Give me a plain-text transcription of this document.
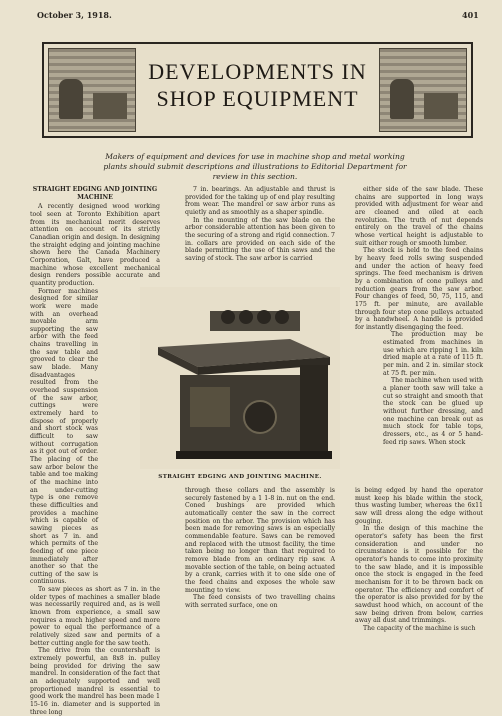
October 3, 1918.	401
DEVELOPMENTS IN
SHOP EQUIPMENT
Makers of equipment and devices for use in machine shop and metal working
plants should submit descriptions and illustrations to Editorial Department for
review in this section.

STRAIGHT EDGING AND JOINTING MACHINE

A recently designed wood working tool seen at Toronto Exhibition apart from its mechanical merit deserves attention on account of its strictly Canadian origin and design. In designing the straight edging and jointing machine shown here the Canada Machinery Corporation, Galt, have produced a machine whose excellent mechanical design renders possible accurate and quantity production.

Former machines designed for similar work were made with an overhead movable arm supporting the saw arbor with the feed chains travelling in the saw table and grooved to clear the saw blade. Many disadvantages resulted from the overhead suspension of the saw arbor, cuttings were extremely hard to dispose of properly and short stock was difficult to saw without corrugation as it got out of order. The placing of the saw arbor below the table and toe making of the machine into an under-cutting type is one remove these difficulties and provides a machine which is capable of sawing pieces as short as 7 in. and which permits of the feeding of one piece immediately after another so that the cutting of the saw is continuous.

To saw pieces as short as 7 in. in the older types of machines a smaller blade was necessarily required and, as is well known from experience, a small saw requires a much higher speed and more power to equal the performance of a relatively sized saw and permits of a better cutting angle for the saw teeth.

The drive from the countershaft is extremely powerful, an 8x8 in. pulley being provided for driving the saw mandrel. In consideration of the fact that an adequately supported and well proportioned mandrel is essential to good work the mandrel has been made 1 15-16 in. diameter and is supported in three long

7 in. bearings. An adjustable and thrust is provided for the taking up of end play resulting from wear. The mandrel or saw arbor runs as quietly and as smoothly as a shaper spindle.

In the mounting of the saw blade on the arbor considerable attention has been given to the securing of a strong and rigid connection. 7 in. collars are provided on each side of the blade permitting the use of thin saws and the saving of stock. The saw arbor is carried

either side of the saw blade. These chains are supported in long ways provided with adjustment for wear and are cleaned and oiled at each revolution. The truth of nut depends entirely on the travel of the chains whose vertical height is adjustable to suit either rough or smooth lumber.

The stock is held to the feed chains by heavy feed rolls swing suspended and under the action of heavy feed springs. The feed mechanism is driven by a combination of cone pulleys and reduction gears from the saw arbor. Four changes of feed, 50, 75, 115, and 175 ft. per minute, are available through four step cone pulleys actuated by a handwheel. A handle is provided for instantly disengaging the feed.

The production may be estimated from machines in use which are ripping 1 in. kiln dried maple at a rate of 115 ft. per min. and 2 in. similar stock at 75 ft. per min.

The machine when used with a planer tooth saw will take a cut so straight and smooth that the stock can be glued up without further dressing, and one machine can break out as much stock for table tops, dressers, etc., as 4 or 5 hand-feed rip saws. When stock

STRAIGHT EDGING AND JOINTING MACHINE.

through these collars and the assembly is securely fastened by a 1 1-8 in. nut on the end. Coned bushings are provided which automatically center the saw in the correct position on the arbor. The provision which has been made for removing saws is an especially commendable feature. Saws can be removed and replaced with the utmost facility, the time taken being no longer than that required to remove blade from an ordinary rip saw. A movable section of the table, on being actuated by a crank, carries with it to one side one of the feed chains and exposes the whole saw mounting to view.

The feed consists of two travelling chains with serrated surface, one on

is being edged by hand the operator must keep his blade within the stock, thus wasting lumber, whereas the 6x11 saw will dress along the edge without gouging.

In the design of this machine the operator's safety has been the first consideration and under no circumstance is it possible for the operator's hands to come into proximity to the saw blade, and it is impossible once the stock is engaged in the feed mechanism for it to be thrown back on operator. The efficiency and comfort of the operator is also provided for by the sawdust hood which, on account of the saw being driven from below, carries away all dust and trimmings.

The capacity of the machine is such
